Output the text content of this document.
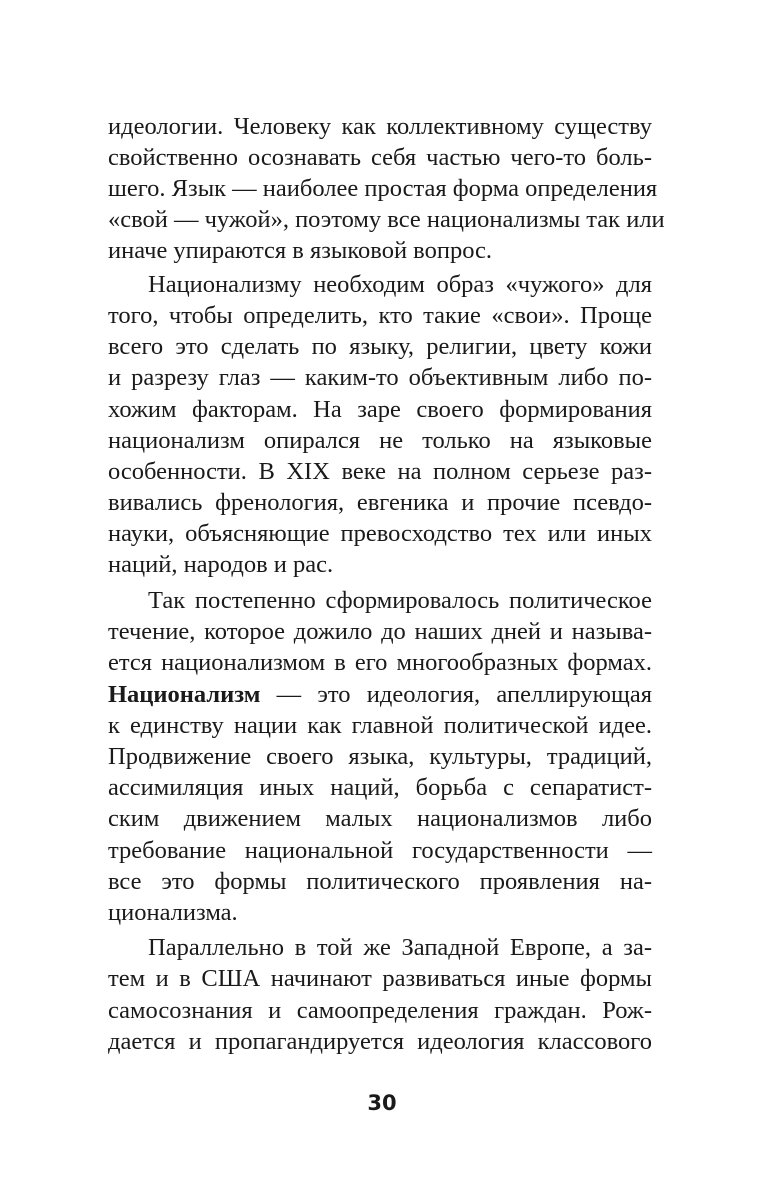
идеологии. Человеку как коллективному существу
свойственно осознавать себя частью чего-то боль-
шего. Язык — наиболее простая форма определения
«свой — чужой», поэтому все национализмы так или
иначе упираются в языковой вопрос.
Национализму необходим образ «чужого» для
того, чтобы определить, кто такие «свои». Проще
всего это сделать по языку, религии, цвету кожи
и разрезу глаз — каким-то объективным либо по-
хожим факторам. На заре своего формирования
национализм опирался не только на языковые
особенности. В XIX веке на полном серьезе раз-
вивались френология, евгеника и прочие псевдо-
науки, объясняющие превосходство тех или иных
наций, народов и рас.
Так постепенно сформировалось политическое
течение, которое дожило до наших дней и называ-
ется национализмом в его многообразных формах.
Национализм — это идеология, апеллирующая
к единству нации как главной политической идее.
Продвижение своего языка, культуры, традиций,
ассимиляция иных наций, борьба с сепаратист-
ским движением малых национализмов либо
требование национальной государственности —
все это формы политического проявления на-
ционализма.
Параллельно в той же Западной Европе, а за-
тем и в США начинают развиваться иные формы
самосознания и самоопределения граждан. Рож-
дается и пропагандируется идеология классового
30
